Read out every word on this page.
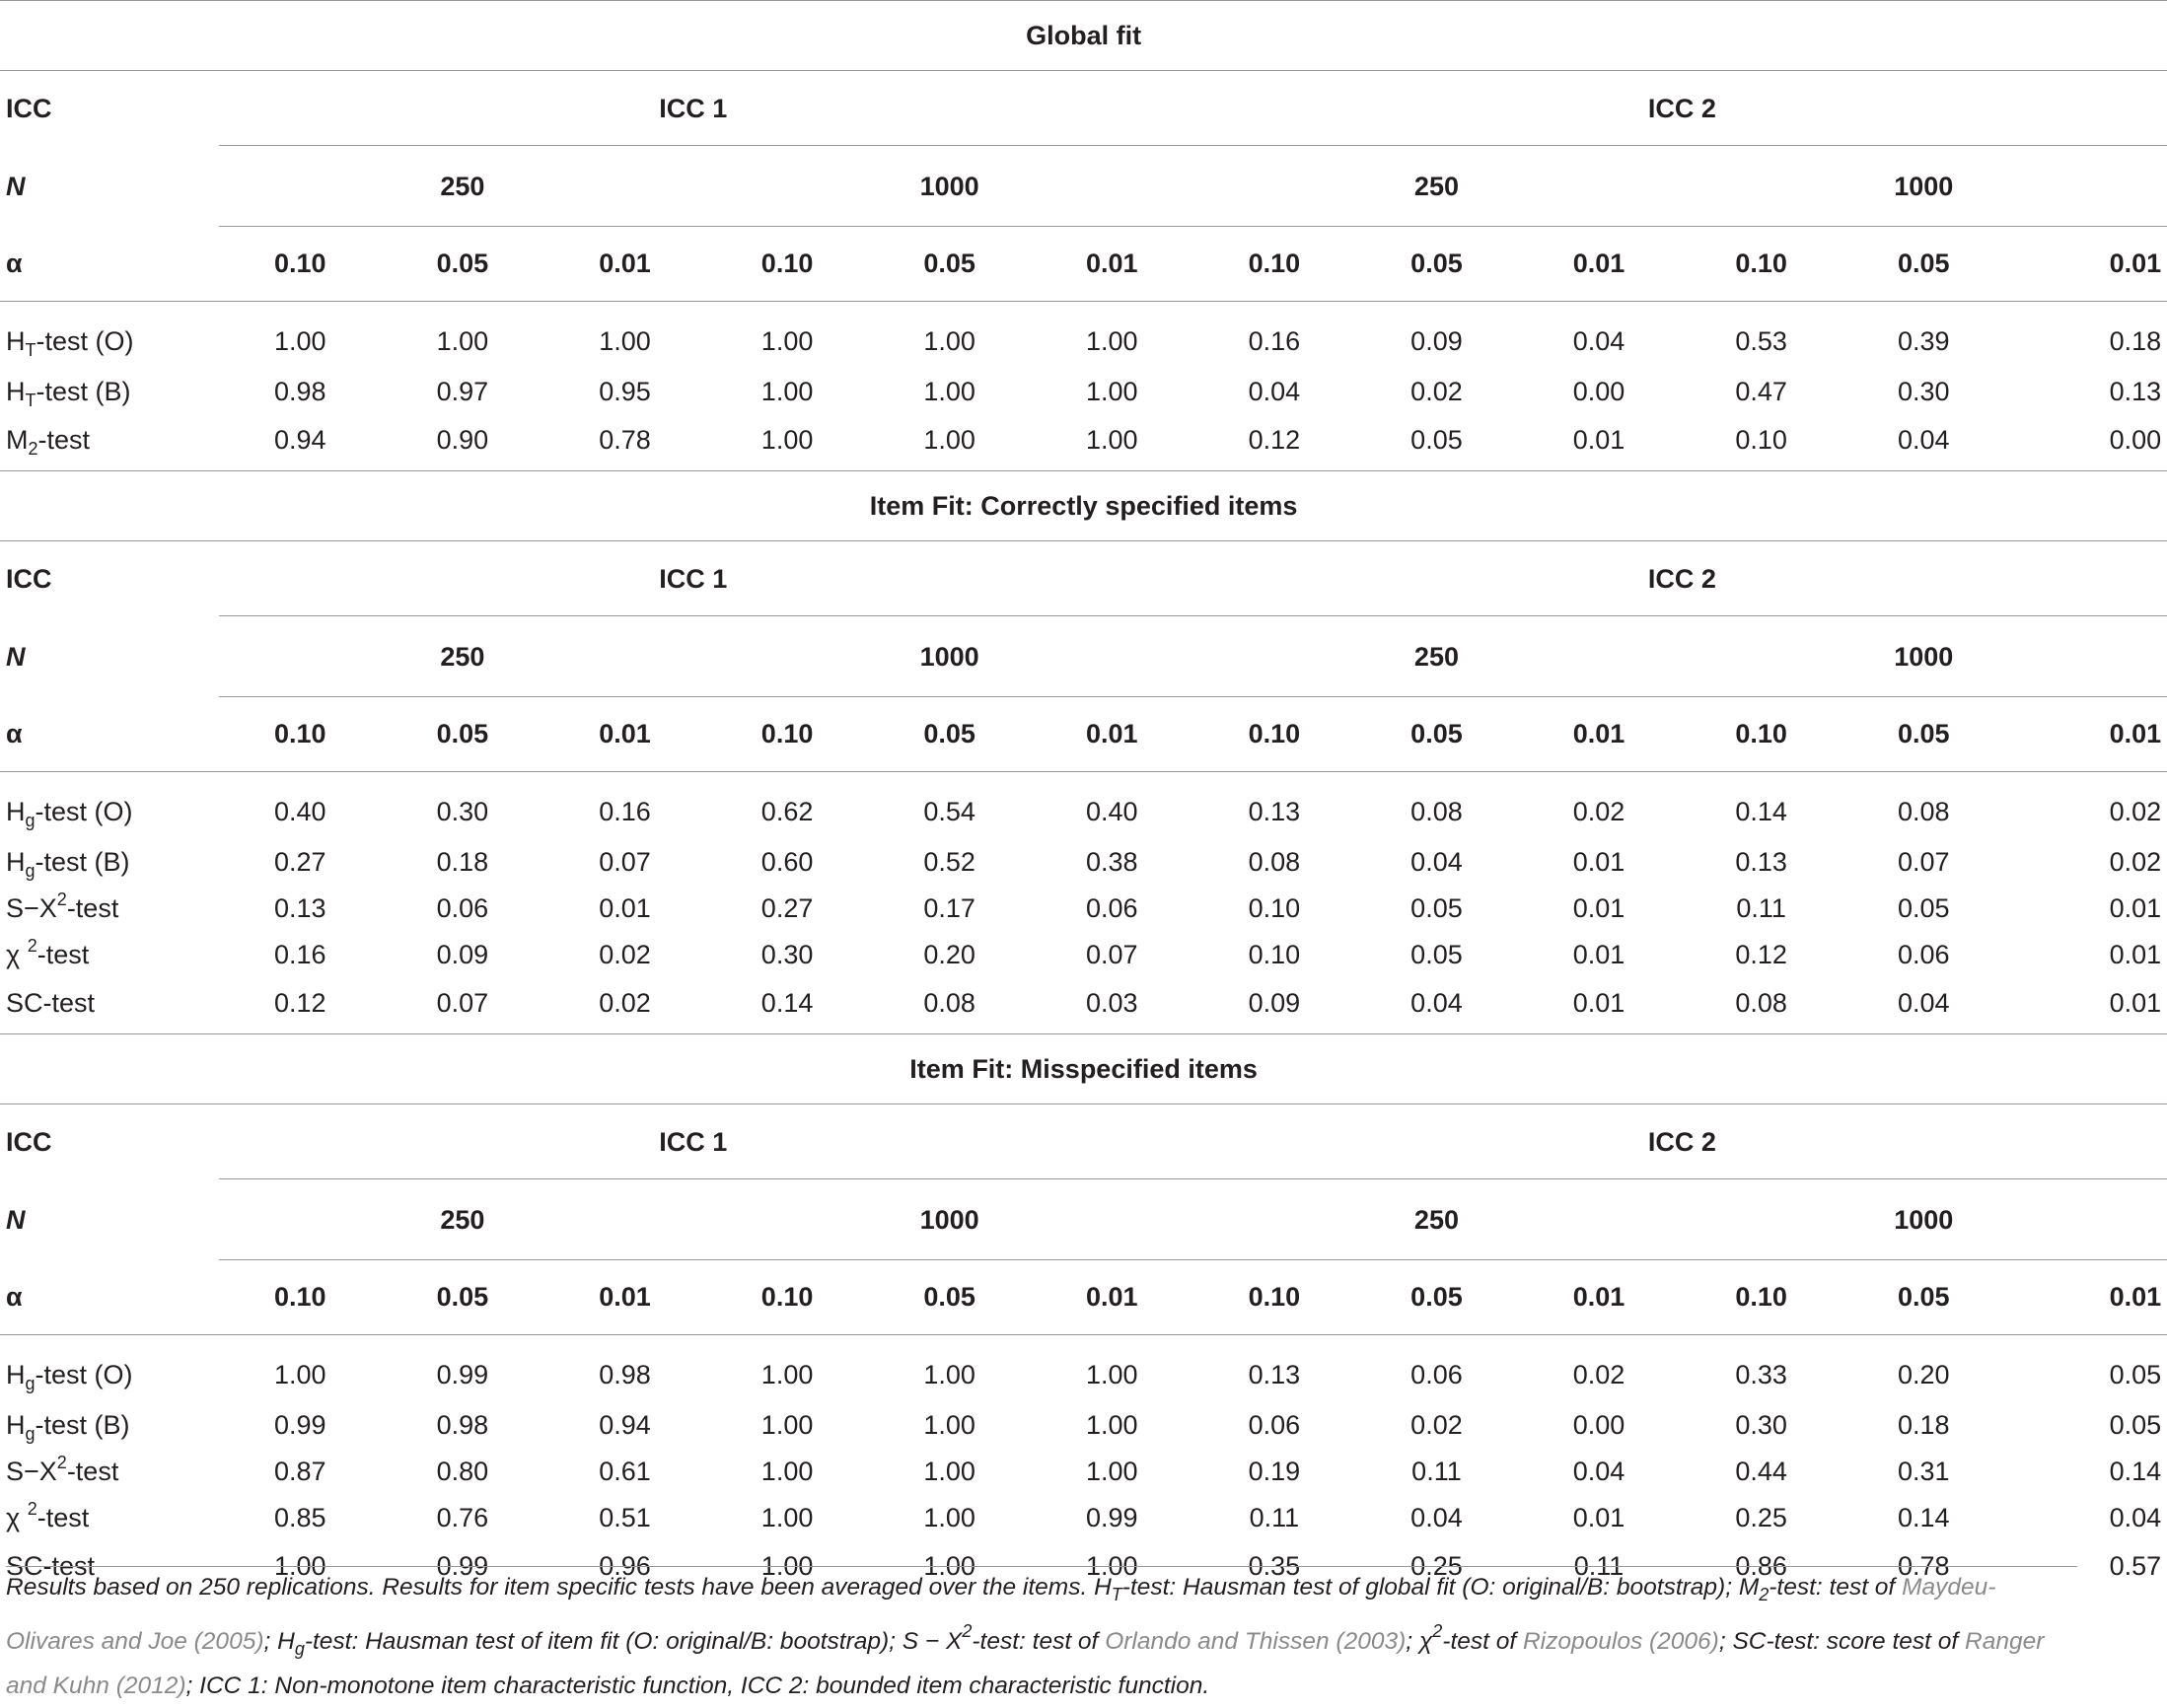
Global fit												
ICC	ICC 1						ICC 2					
N	250			1000			250			1000		
α	0.10	0.05	0.01	0.10	0.05	0.01	0.10	0.05	0.01	0.10	0.05	0.01
$H_T$-test (O)	1.00	1.00	1.00	1.00	1.00	1.00	0.16	0.09	0.04	0.53	0.39	0.18
$H_T$-test (B)	0.98	0.97	0.95	1.00	1.00	1.00	0.04	0.02	0.00	0.47	0.30	0.13
$M_2$-test	0.94	0.90	0.78	1.00	1.00	1.00	0.12	0.05	0.01	0.10	0.04	0.00
Item Fit: Correctly specified items												
ICC	ICC 1						ICC 2					
N	250			1000			250			1000		
α	0.10	0.05	0.01	0.10	0.05	0.01	0.10	0.05	0.01	0.10	0.05	0.01
$H_g$-test (O)	0.40	0.30	0.16	0.62	0.54	0.40	0.13	0.08	0.02	0.14	0.08	0.02
$H_g$-test (B)	0.27	0.18	0.07	0.60	0.52	0.38	0.08	0.04	0.01	0.13	0.07	0.02
$S-X^2$-test	0.13	0.06	0.01	0.27	0.17	0.06	0.10	0.05	0.01	0.11	0.05	0.01
χ $^2$-test	0.16	0.09	0.02	0.30	0.20	0.07	0.10	0.05	0.01	0.12	0.06	0.01
SC-test	0.12	0.07	0.02	0.14	0.08	0.03	0.09	0.04	0.01	0.08	0.04	0.01
Item Fit: Misspecified items												
ICC	ICC 1						ICC 2					
N	250			1000			250			1000		
α	0.10	0.05	0.01	0.10	0.05	0.01	0.10	0.05	0.01	0.10	0.05	0.01
$H_g$-test (O)	1.00	0.99	0.98	1.00	1.00	1.00	0.13	0.06	0.02	0.33	0.20	0.05
$H_g$-test (B)	0.99	0.98	0.94	1.00	1.00	1.00	0.06	0.02	0.00	0.30	0.18	0.05
$S-X^2$-test	0.87	0.80	0.61	1.00	1.00	1.00	0.19	0.11	0.04	0.44	0.31	0.14
χ $^2$-test	0.85	0.76	0.51	1.00	1.00	0.99	0.11	0.04	0.01	0.25	0.14	0.04
SC-test	1.00	0.99	0.96	1.00	1.00	1.00	0.35	0.25	0.11	0.86	0.78	0.57
Results based on 250 replications. Results for item specific tests have been averaged over the items. $H_T$-test: Hausman test of global fit (O: original/B: bootstrap); $M_2$-test: test of Maydeu-Olivares and Joe (2005); $H_g$-test: Hausman test of item fit (O: original/B: bootstrap); $S - X^2$-test: test of Orlando and Thissen (2003); $\chi^2$-test of Rizopoulos (2006); SC-test: score test of Ranger and Kuhn (2012); ICC 1: Non-monotone item characteristic function, ICC 2: bounded item characteristic function.
